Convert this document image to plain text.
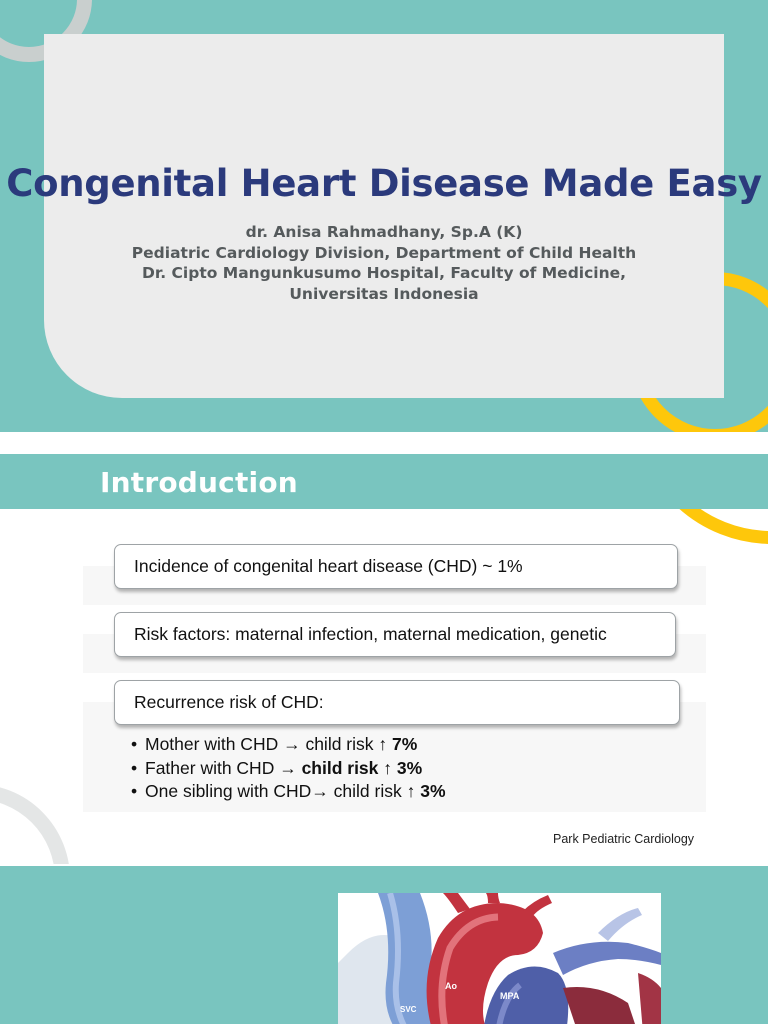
dr. Anisa Rahmadhany, Sp.A (K)
Pediatric Cardiology Division, Department of Child Health
Dr. Cipto Mangunkusumo Hospital, Faculty of Medicine,
Universitas Indonesia
Congenital Heart Disease Made Easy
Introduction
Incidence of congenital heart disease (CHD) ~ 1%
Risk factors: maternal infection, maternal medication, genetic
Recurrence risk of CHD:
• Mother with CHD → child risk ↑ 7%
• Father with CHD → child risk ↑ 3%
• One sibling with CHD→ child risk ↑ 3%
Park Pediatric Cardiology
Ao
MPA
SVC
